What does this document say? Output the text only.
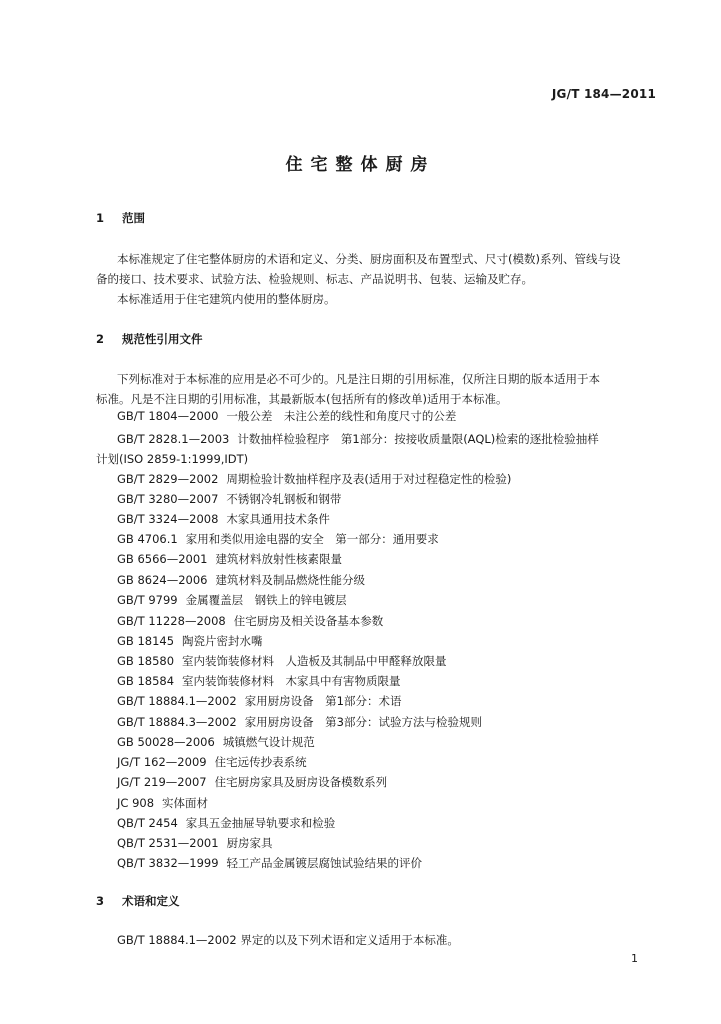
JG/T 184—2011
住宅整体厨房
1 范围
本标准规定了住宅整体厨房的术语和定义、分类、厨房面积及布置型式、尺寸(模数)系列、管线与设
备的接口、技术要求、试验方法、检验规则、标志、产品说明书、包装、运输及贮存。
本标准适用于住宅建筑内使用的整体厨房。
2 规范性引用文件
下列标准对于本标准的应用是必不可少的。凡是注日期的引用标准，仅所注日期的版本适用于本
标准。凡是不注日期的引用标准，其最新版本(包括所有的修改单)适用于本标准。
GB/T 1804—2000 一般公差　未注公差的线性和角度尺寸的公差
GB/T 2828.1—2003 计数抽样检验程序　第1部分：按接收质量限(AQL)检索的逐批检验抽样
计划(ISO 2859-1:1999,IDT)
GB/T 2829—2002 周期检验计数抽样程序及表(适用于对过程稳定性的检验)
GB/T 3280—2007 不锈钢冷轧钢板和钢带
GB/T 3324—2008 木家具通用技术条件
GB 4706.1 家用和类似用途电器的安全　第一部分：通用要求
GB 6566—2001 建筑材料放射性核素限量
GB 8624—2006 建筑材料及制品燃烧性能分级
GB/T 9799 金属覆盖层　钢铁上的锌电镀层
GB/T 11228—2008 住宅厨房及相关设备基本参数
GB 18145 陶瓷片密封水嘴
GB 18580 室内装饰装修材料　人造板及其制品中甲醛释放限量
GB 18584 室内装饰装修材料　木家具中有害物质限量
GB/T 18884.1—2002 家用厨房设备　第1部分：术语
GB/T 18884.3—2002 家用厨房设备　第3部分：试验方法与检验规则
GB 50028—2006 城镇燃气设计规范
JG/T 162—2009 住宅远传抄表系统
JG/T 219—2007 住宅厨房家具及厨房设备模数系列
JC 908 实体面材
QB/T 2454 家具五金抽屉导轨要求和检验
QB/T 2531—2001 厨房家具
QB/T 3832—1999 轻工产品金属镀层腐蚀试验结果的评价
3 术语和定义
GB/T 18884.1—2002 界定的以及下列术语和定义适用于本标准。
1
